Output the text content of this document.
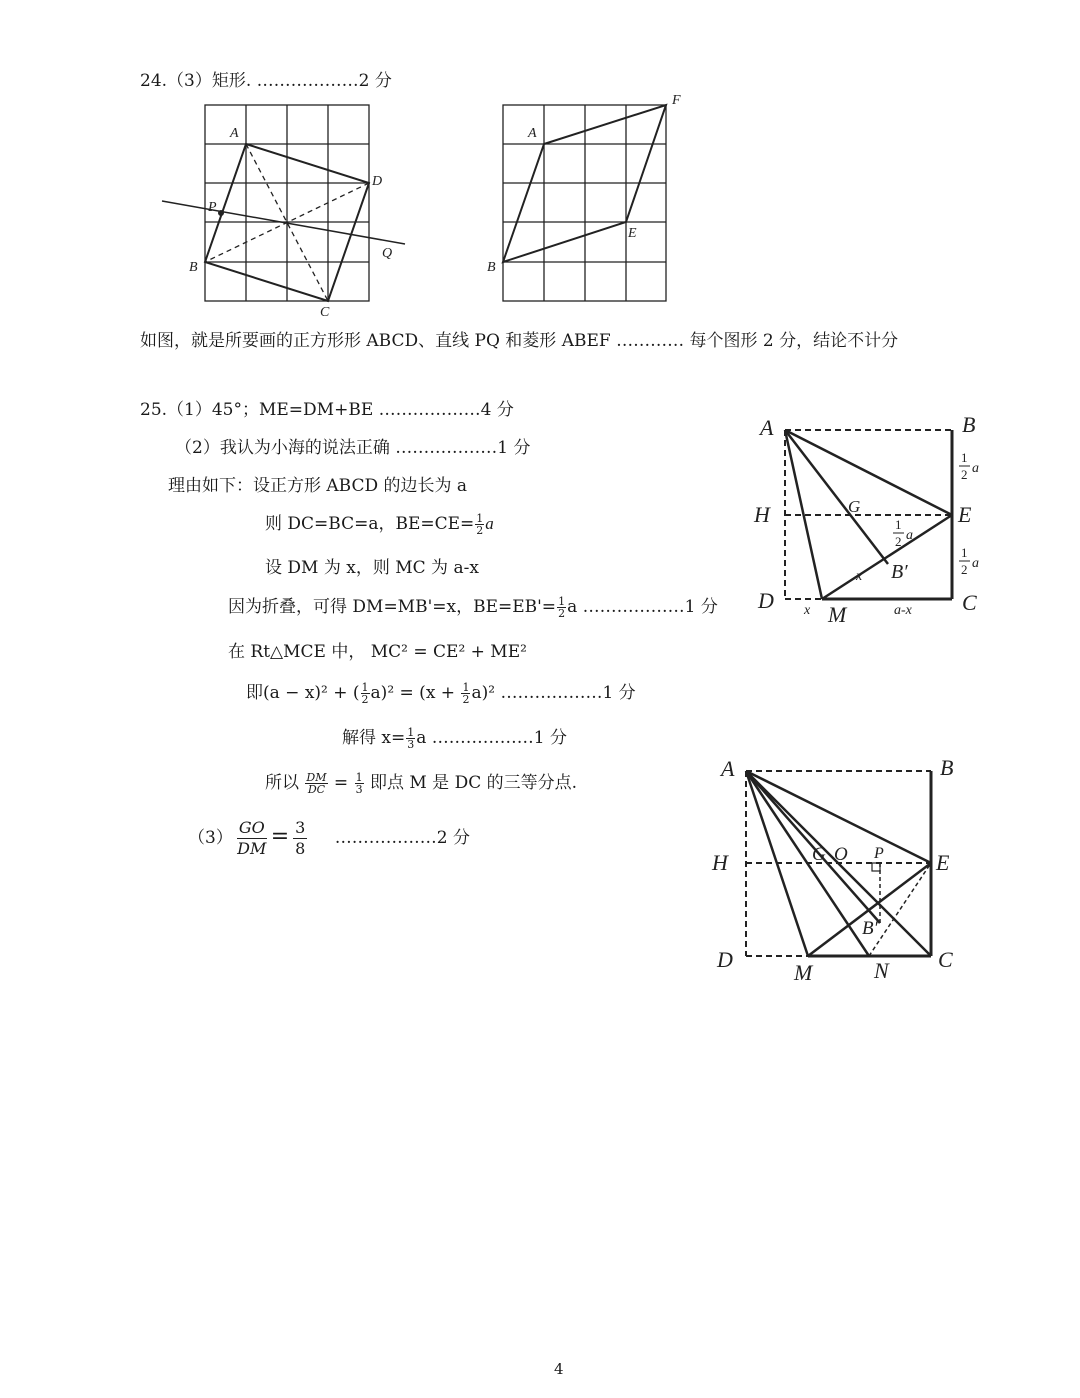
24.（3）矩形. ………………2 分
A
D
P
Q
B
C
A
F
E
B
A	B
H	E
G
D	C
M
B′
x
x	a-x
1
2 a
1
2 a
1
2 a
A	B
H	E
G O P
B′
D
M	N C
如图，就是所要画的正方形形 ABCD、直线 PQ 和菱形 ABEF ………… 每个图形 2 分，结论不计分
25.（1）45°；ME=DM+BE ………………4 分
（2）我认为小海的说法正确 ………………1 分
理由如下：设正方形 ABCD 的边长为 a
则 DC=BC=a，$BE=CE= \frac{1}{2}$ a
设 DM 为 x，则 MC 为 a-x
因为折叠，可得 DM=MB'=x，$BE=EB'= \frac{1}{2}$ a ………………1 分
在 Rt△MCE 中， MC² = CE² + ME²
即(a − x)² + ( $\frac{1}{2} a)^2 = (x + \frac{1}{2} a)^2$ ………………1 分
解得 $x= \frac{1}{3}$ a ………………1 分
所以 $\frac{DM}{DC} = \frac{1}{3}$ 即点 M 是 DC 的三等分点.
$(3) \frac{GO}{DM} = \frac{3}{8}$ ………………2 分
4
